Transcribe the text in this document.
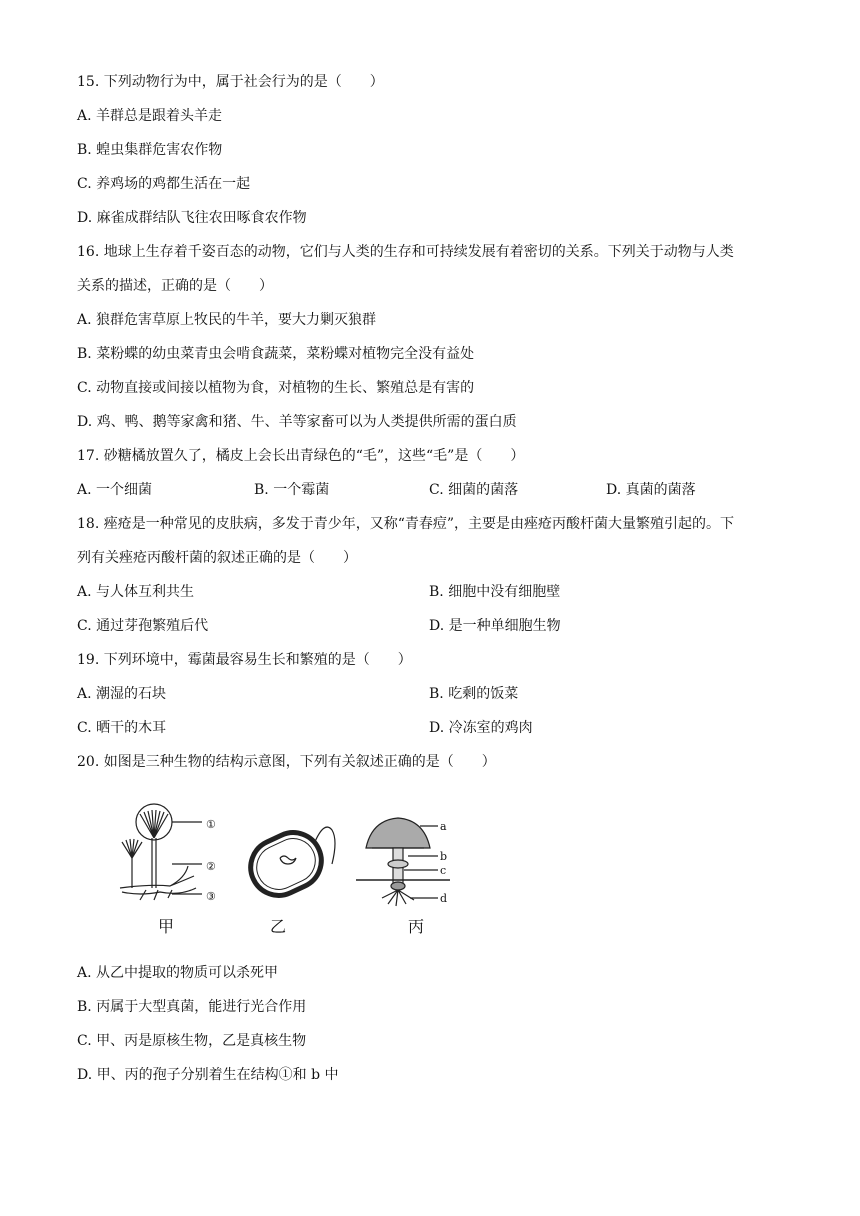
15. 下列动物行为中，属于社会行为的是（　　）
A. 羊群总是跟着头羊走
B. 蝗虫集群危害农作物
C. 养鸡场的鸡都生活在一起
D. 麻雀成群结队飞往农田啄食农作物
16. 地球上生存着千姿百态的动物，它们与人类的生存和可持续发展有着密切的关系。下列关于动物与人类
关系的描述，正确的是（　　）
A. 狼群危害草原上牧民的牛羊，要大力剿灭狼群
B. 菜粉蝶的幼虫菜青虫会啃食蔬菜，菜粉蝶对植物完全没有益处
C. 动物直接或间接以植物为食，对植物的生长、繁殖总是有害的
D. 鸡、鸭、鹅等家禽和猪、牛、羊等家畜可以为人类提供所需的蛋白质
17. 砂糖橘放置久了，橘皮上会长出青绿色的“毛”，这些“毛”是（　　）
A. 一个细菌	B. 一个霉菌	C. 细菌的菌落	D. 真菌的菌落
18. 痤疮是一种常见的皮肤病，多发于青少年，又称“青春痘”，主要是由痤疮丙酸杆菌大量繁殖引起的。下
列有关痤疮丙酸杆菌的叙述正确的是（　　）
A. 与人体互利共生	B. 细胞中没有细胞壁
C. 通过芽孢繁殖后代	D. 是一种单细胞生物
19. 下列环境中，霉菌最容易生长和繁殖的是（　　）
A. 潮湿的石块	B. 吃剩的饭菜
C. 晒干的木耳	D. 冷冻室的鸡肉
20. 如图是三种生物的结构示意图，下列有关叙述正确的是（　　）
①
②
③
甲	乙
a
b
c
d
丙
A. 从乙中提取的物质可以杀死甲
B. 丙属于大型真菌，能进行光合作用
C. 甲、丙是原核生物，乙是真核生物
D. 甲、丙的孢子分别着生在结构①和 b 中
